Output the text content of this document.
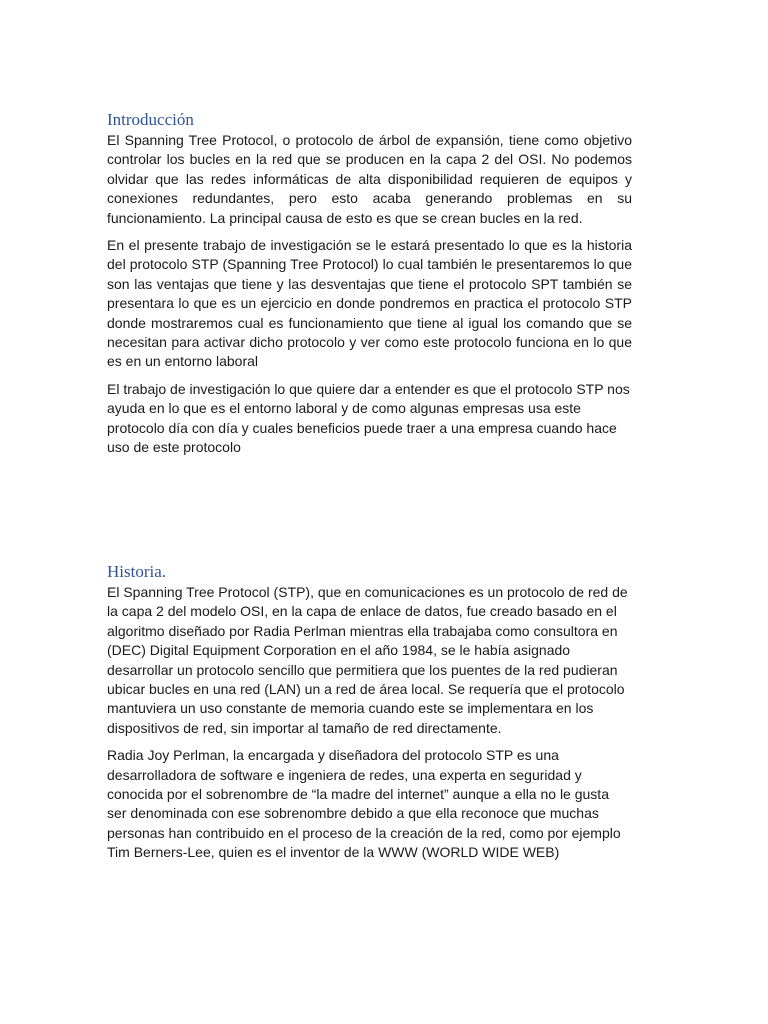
Introducción

El Spanning Tree Protocol, o protocolo de árbol de expansión, tiene como objetivo controlar los bucles en la red que se producen en la capa 2 del OSI. No podemos olvidar que las redes informáticas de alta disponibilidad requieren de equipos y conexiones redundantes, pero esto acaba generando problemas en su funcionamiento. La principal causa de esto es que se crean bucles en la red.

En el presente trabajo de investigación se le estará presentado lo que es la historia del protocolo STP (Spanning Tree Protocol) lo cual también le presentaremos lo que son las ventajas que tiene y las desventajas que tiene el protocolo SPT también se presentara lo que es un ejercicio en donde pondremos en practica el protocolo STP donde mostraremos cual es funcionamiento que tiene al igual los comando que se necesitan para activar dicho protocolo y ver como este protocolo funciona en lo que es en un entorno laboral

El trabajo de investigación lo que quiere dar a entender es que el protocolo STP nos ayuda en lo que es el entorno laboral y de como algunas empresas usa este protocolo día con día y cuales beneficios puede traer a una empresa cuando hace uso de este protocolo

Historia.

El Spanning Tree Protocol (STP), que en comunicaciones es un protocolo de red de la capa 2 del modelo OSI, en la capa de enlace de datos, fue creado basado en el algoritmo diseñado por Radia Perlman mientras ella trabajaba como consultora en (DEC) Digital Equipment Corporation en el año 1984, se le había asignado desarrollar un protocolo sencillo que permitiera que los puentes de la red pudieran ubicar bucles en una red (LAN) un a red de área local. Se requería que el protocolo mantuviera un uso constante de memoria cuando este se implementara en los dispositivos de red, sin importar al tamaño de red directamente.

Radia Joy Perlman, la encargada y diseñadora del protocolo STP es una desarrolladora de software e ingeniera de redes, una experta en seguridad y conocida por el sobrenombre de “la madre del internet” aunque a ella no le gusta ser denominada con ese sobrenombre debido a que ella reconoce que muchas personas han contribuido en el proceso de la creación de la red, como por ejemplo Tim Berners-Lee, quien es el inventor de la WWW (WORLD WIDE WEB)
